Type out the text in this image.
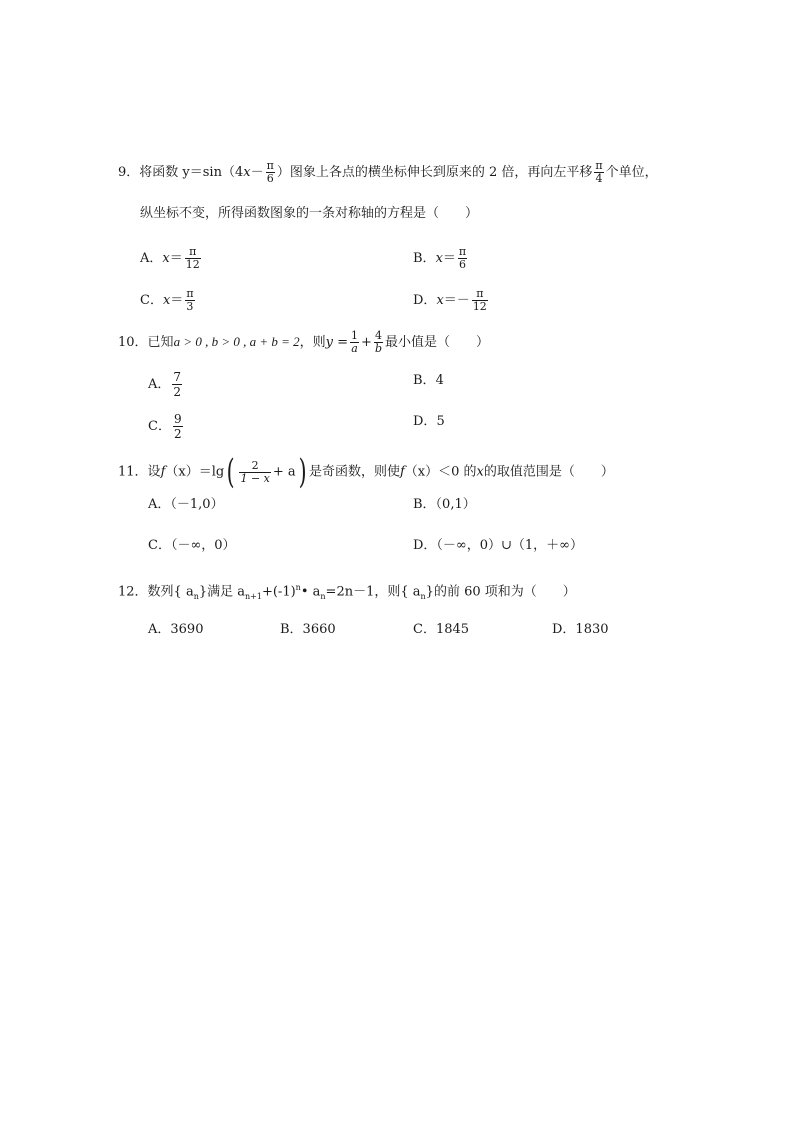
9．将函数 $y=\sin(4x- \frac{\pi}{6}$ ）图象上各点的横坐标伸长到原来的 2 倍，再向左平移 $\frac{\pi}{4}$ 个单位，
纵坐标不变，所得函数图象的一条对称轴的方程是（　　）
A．$x= \frac{\pi}{12}$	B．$x= \frac{\pi}{6}$
C．$x= \frac{\pi}{3}$	D．$x=- \frac{\pi}{12}$
10．已知a > 0 , b > 0 , a + b = 2，则$y = \frac{1}{a} + \frac{4}{b}$ 最小值是（　　）
A． $\frac{7}{2}$	B．4
C． $\frac{9}{2}$	D．5
11．设$f(x)=\lg( \frac{2}{1 - x} + a)$ 是奇函数，则使f（x）＜0 的x的取值范围是（　　）
A．（－1,0）	B．（0,1）
C．（－∞，0）	D．（－∞，0）∪（1，＋∞）
12．数列{ $a_n$}满足 $a_{n+1}+(-1)^n•$ $a_n=2n-1$，则{ $a_n$}的前 60 项和为（　　）
A．3690	B．3660	C．1845	D．1830
